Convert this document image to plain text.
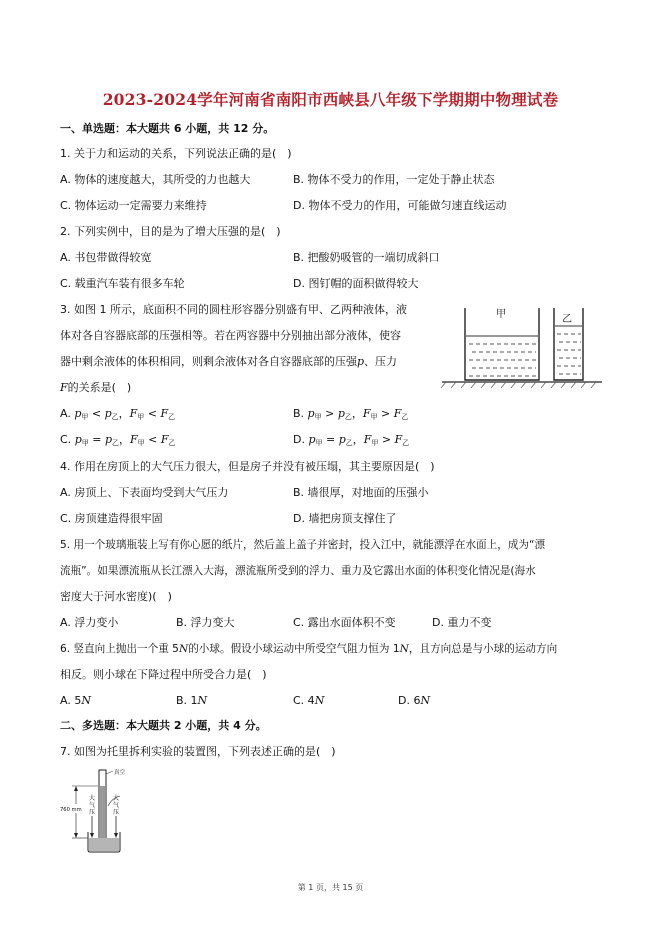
2023-2024学年河南省南阳市西峡县八年级下学期期中物理试卷
一、单选题：本大题共 6 小题，共 12 分。
1. 关于力和运动的关系，下列说法正确的是(　)
A. 物体的速度越大，其所受的力也越大	B. 物体不受力的作用，一定处于静止状态
C. 物体运动一定需要力来维持	D. 物体不受力的作用，可能做匀速直线运动
2. 下列实例中，目的是为了增大压强的是(　)
A. 书包带做得较宽	B. 把酸奶吸管的一端切成斜口
C. 载重汽车装有很多车轮	D. 图钉帽的面积做得较大
3. 如图 1 所示，底面积不同的圆柱形容器分别盛有甲、乙两种液体，液
体对各自容器底部的压强相等。若在两容器中分别抽出部分液体，使容
器中剩余液体的体积相同，则剩余液体对各自容器底部的压强p、压力
F的关系是(　)
甲	乙
A. $p_甲 < p_乙$，$F_甲 < F_乙$	B. $p_甲 > p_乙$，$F_甲 > F_乙$
C. $p_甲 = p_乙$，$F_甲 < F_乙$	D. $p_甲 = p_乙$，$F_甲 > F_乙$
4. 作用在房顶上的大气压力很大，但是房子并没有被压塌，其主要原因是(　)
A. 房顶上、下表面均受到大气压力	B. 墙很厚，对地面的压强小
C. 房顶建造得很牢固	D. 墙把房顶支撑住了
5. 用一个玻璃瓶装上写有你心愿的纸片，然后盖上盖子并密封，投入江中，就能漂浮在水面上，成为“漂
流瓶”。如果漂流瓶从长江漂入大海，漂流瓶所受到的浮力、重力及它露出水面的体积变化情况是(海水
密度大于河水密度)(　)
A. 浮力变小	B. 浮力变大	C. 露出水面体积不变	D. 重力不变
6. 竖直向上抛出一个重 5N的小球。假设小球运动中所受空气阻力恒为 1N，且方向总是与小球的运动方向
相反。则小球在下降过程中所受合力是(　)
A. 5N	B. 1N	C. 4N	D. 6N
二、多选题：本大题共 2 小题，共 4 分。
7. 如图为托里拆利实验的装置图，下列表述正确的是(　)
760 mm
真空
大气压
大气压
第 1 页，共 15 页
